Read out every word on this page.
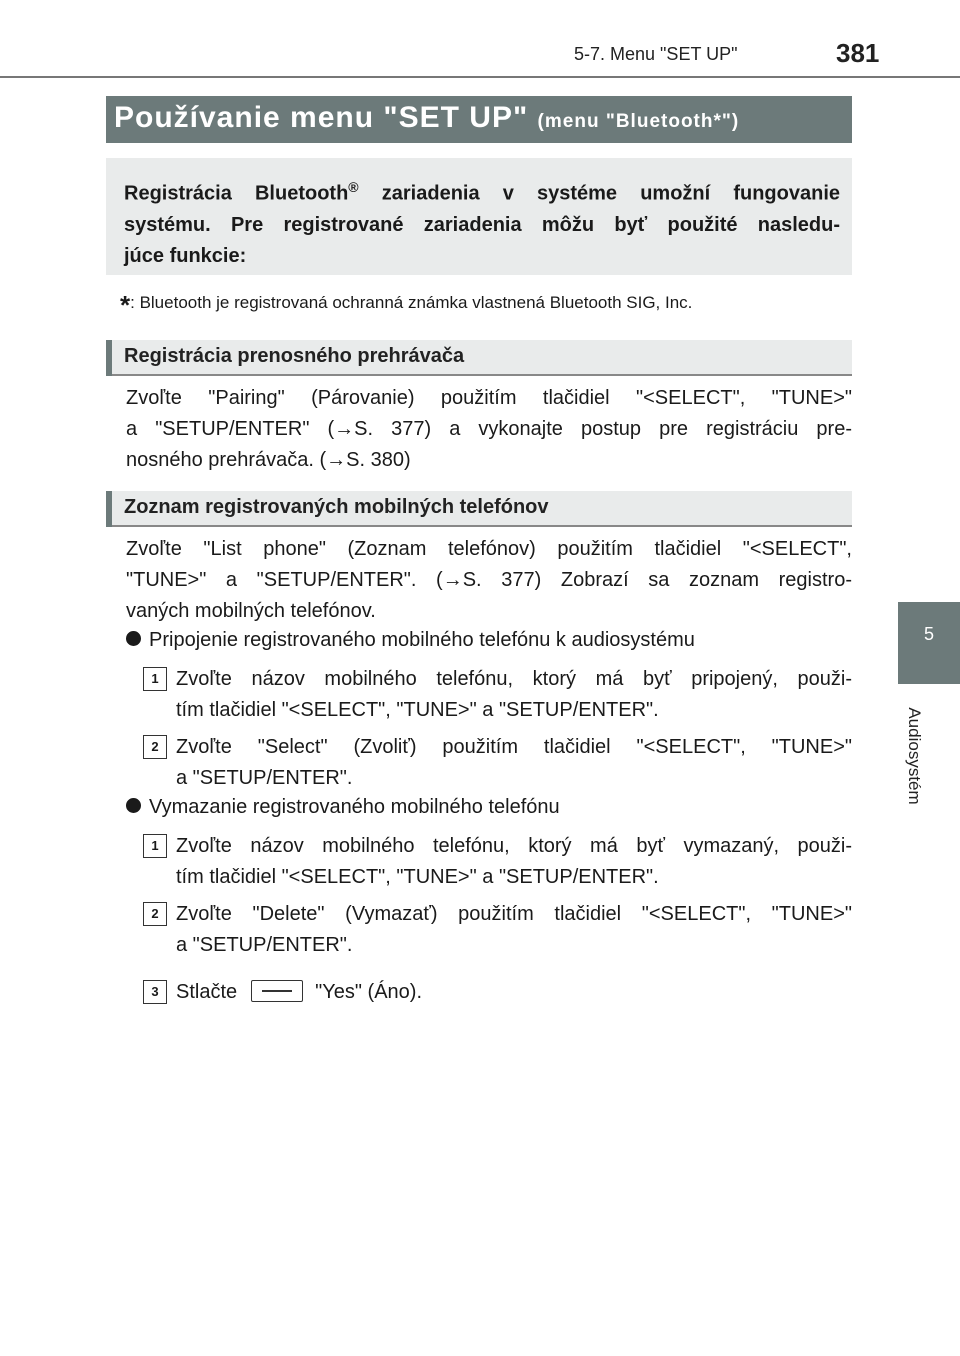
5-7. Menu "SET UP"	381
5
Audiosystém
Používanie menu "SET UP" (menu "Bluetooth*")
Registrácia Bluetooth® zariadenia v systéme umožní fungovanie
systému. Pre registrované zariadenia môžu byť použité nasledu-
júce funkcie:
*: Bluetooth je registrovaná ochranná známka vlastnená Bluetooth SIG, Inc.
Registrácia prenosného prehrávača
Zvoľte "Pairing" (Párovanie) použitím tlačidiel "<SELECT", "TUNE>"
a "SETUP/ENTER" (→S. 377) a vykonajte postup pre registráciu pre-
nosného prehrávača. (→S. 380)
Zoznam registrovaných mobilných telefónov
Zvoľte "List phone" (Zoznam telefónov) použitím tlačidiel "<SELECT",
"TUNE>" a "SETUP/ENTER". (→S. 377) Zobrazí sa zoznam registro-
vaných mobilných telefónov.
Pripojenie registrovaného mobilného telefónu k audiosystému
1 Zvoľte názov mobilného telefónu, ktorý má byť pripojený, použi-
tím tlačidiel "<SELECT", "TUNE>" a "SETUP/ENTER".
2 Zvoľte "Select" (Zvoliť) použitím tlačidiel "<SELECT", "TUNE>"
a "SETUP/ENTER".
Vymazanie registrovaného mobilného telefónu
1 Zvoľte názov mobilného telefónu, ktorý má byť vymazaný, použi-
tím tlačidiel "<SELECT", "TUNE>" a "SETUP/ENTER".
2 Zvoľte "Delete" (Vymazať) použitím tlačidiel "<SELECT", "TUNE>"
a "SETUP/ENTER".
3 Stlačte	"Yes" (Áno).
